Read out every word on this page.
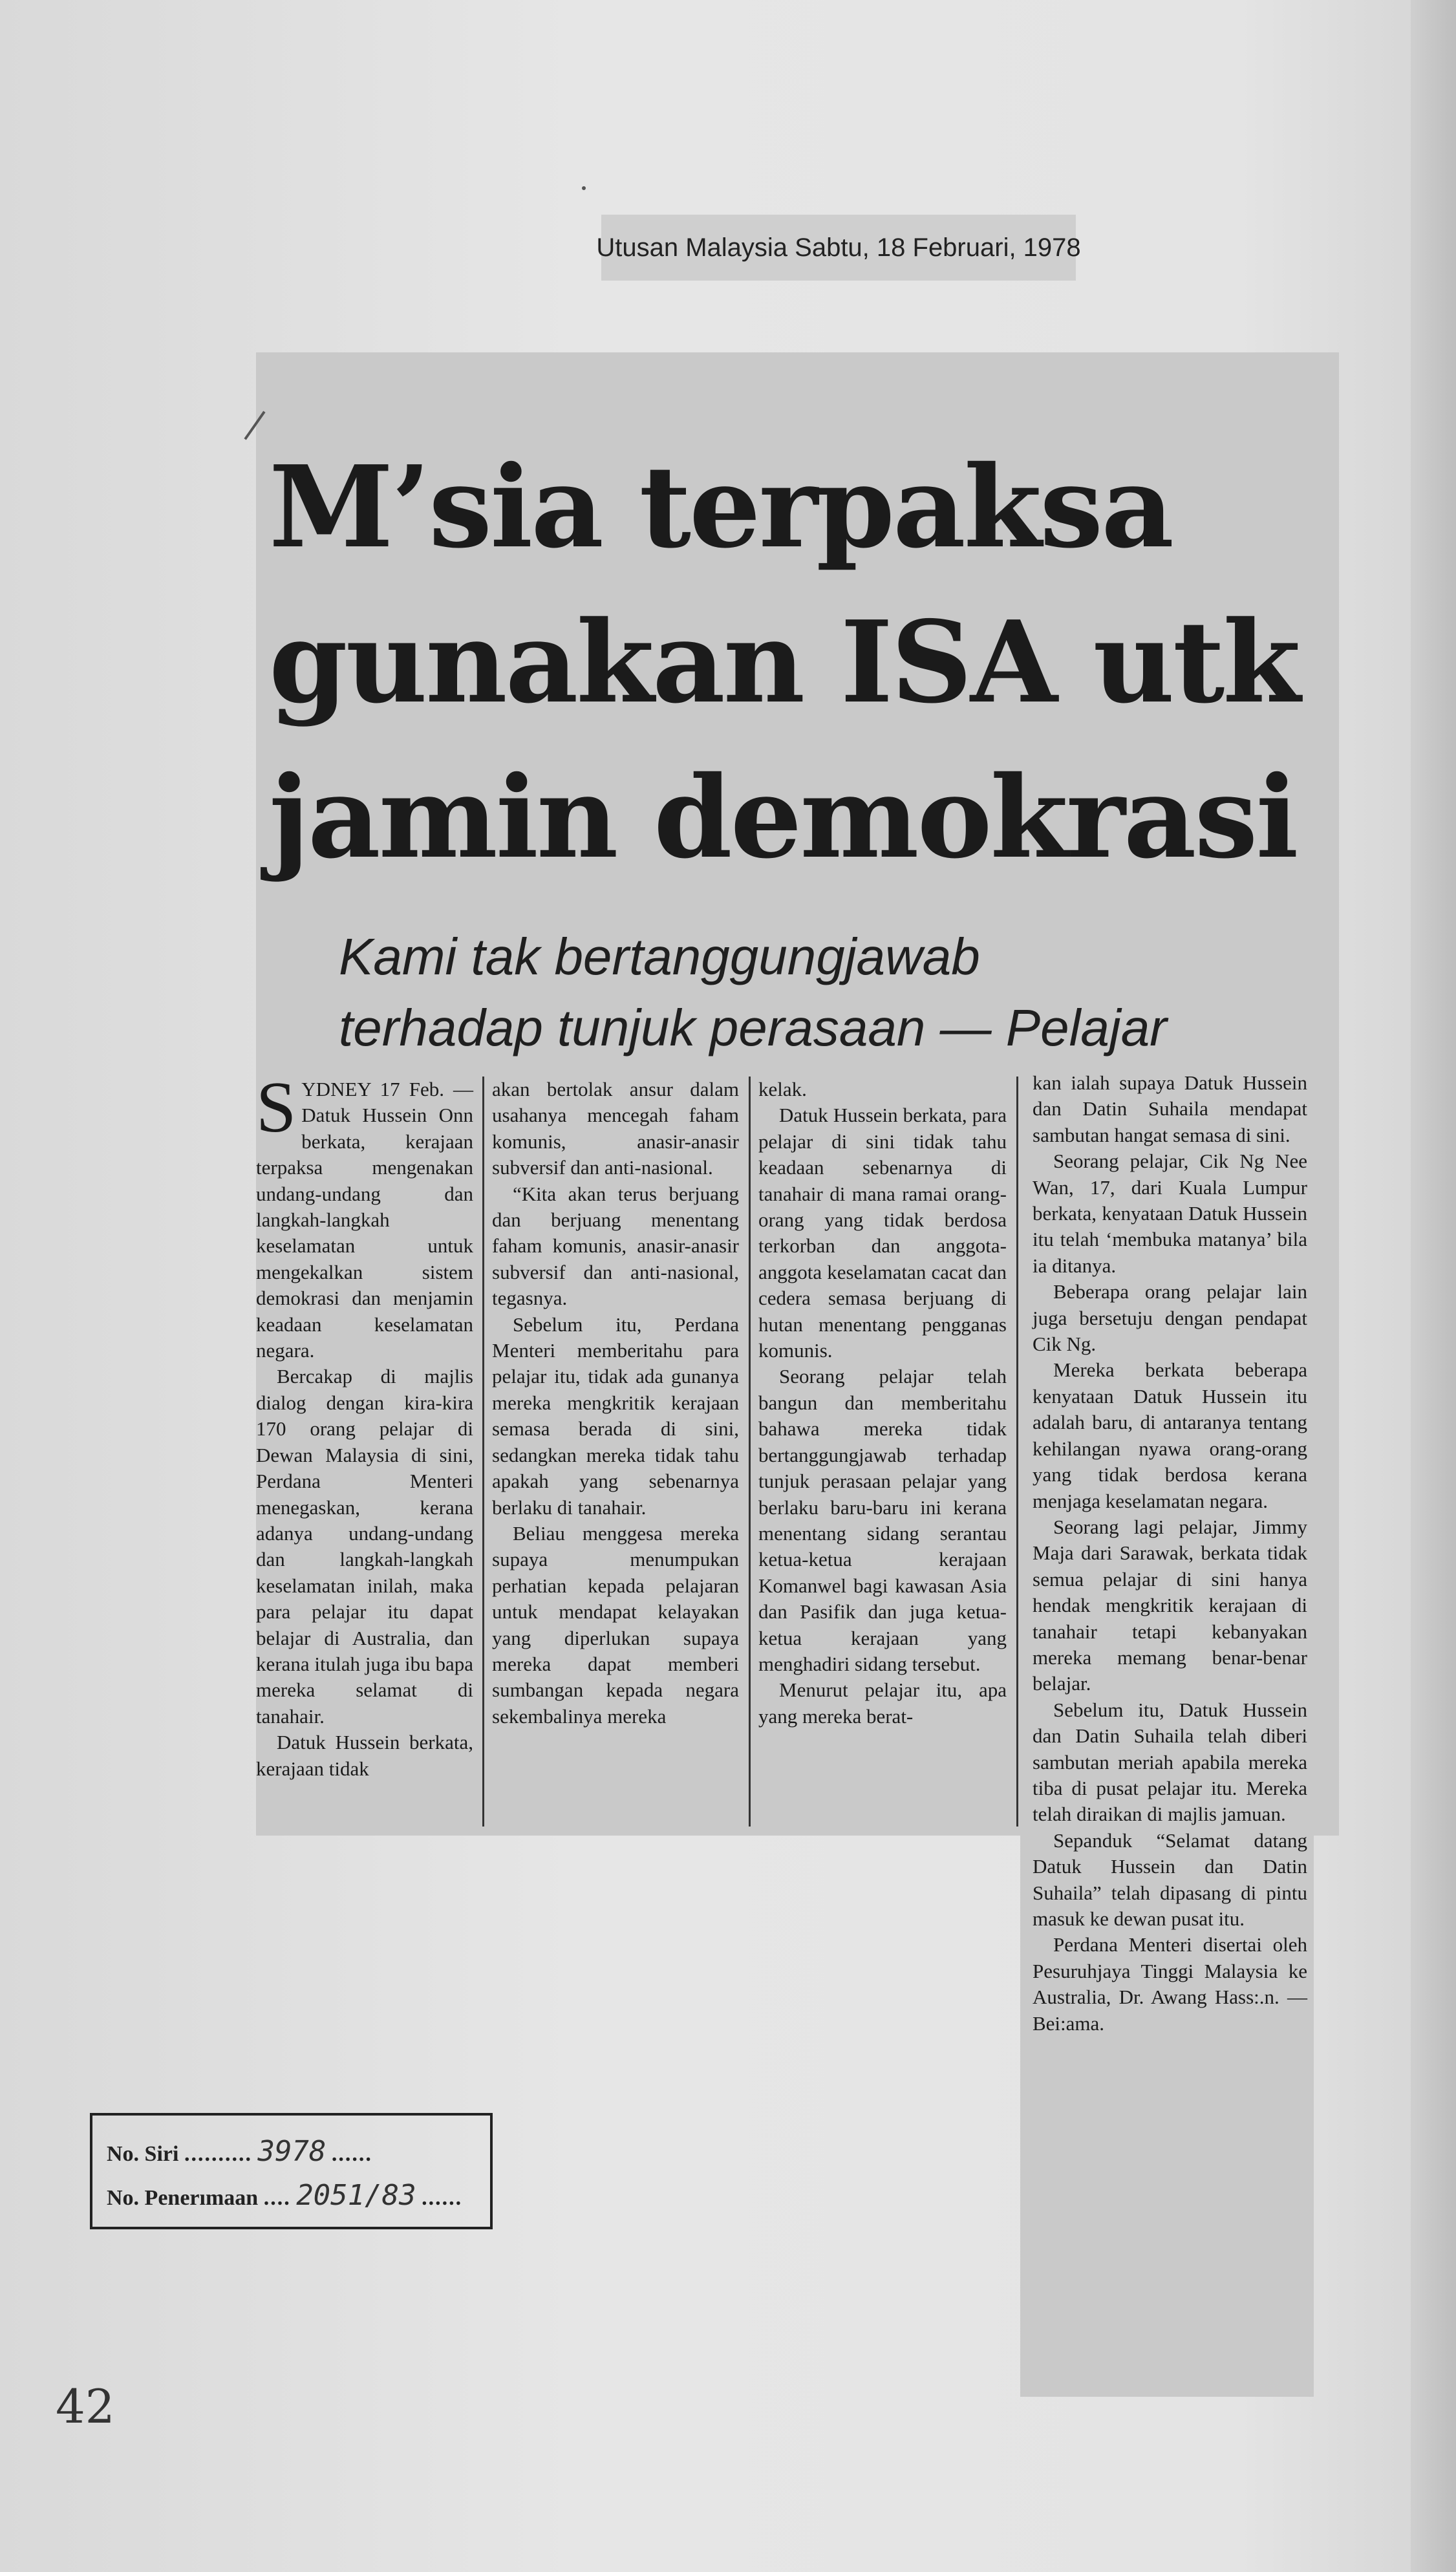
Utusan Malaysia Sabtu, 18 Februari, 1978
M’sia terpaksa
gunakan ISA utk
jamin demokrasi
Kami tak bertanggungjawab
terhadap tunjuk perasaan — Pelajar

SYDNEY 17 Feb. — Datuk Hussein Onn berkata, kerajaan terpaksa mengenakan undang-undang dan langkah-langkah keselamatan untuk mengekalkan sistem demokrasi dan menjamin keadaan keselamatan negara.

Bercakap di majlis dialog dengan kira-kira 170 orang pelajar di Dewan Malaysia di sini, Perdana Menteri menegaskan, kerana adanya undang-undang dan langkah-langkah keselamatan inilah, maka para pelajar itu dapat belajar di Australia, dan kerana itulah juga ibu bapa mereka selamat di tanahair.

Datuk Hussein berkata, kerajaan tidak

akan bertolak ansur dalam usahanya mencegah faham komunis, anasir-anasir subversif dan anti-nasional.

“Kita akan terus berjuang dan berjuang menentang faham komunis, anasir-anasir subversif dan anti-nasional, tegasnya.

Sebelum itu, Perdana Menteri memberitahu para pelajar itu, tidak ada gunanya mereka mengkritik kerajaan semasa berada di sini, sedangkan mereka tidak tahu apakah yang sebenarnya berlaku di tanahair.

Beliau menggesa mereka supaya menumpukan perhatian kepada pelajaran untuk mendapat kelayakan yang diperlukan supaya mereka dapat memberi sumbangan kepada negara sekembalinya mereka

kelak.

Datuk Hussein berkata, para pelajar di sini tidak tahu keadaan sebenarnya di tanahair di mana ramai orang-orang yang tidak berdosa terkorban dan anggota-anggota keselamatan cacat dan cedera semasa berjuang di hutan menentang pengganas komunis.

Seorang pelajar telah bangun dan memberitahu bahawa mereka tidak bertanggungjawab terhadap tunjuk perasaan pelajar yang berlaku baru-baru ini kerana menentang sidang serantau ketua-ketua kerajaan Komanwel bagi kawasan Asia dan Pasifik dan juga ketua-ketua kerajaan yang menghadiri sidang tersebut.

Menurut pelajar itu, apa yang mereka berat-

kan ialah supaya Datuk Hussein dan Datin Suhaila mendapat sambutan hangat semasa di sini.

Seorang pelajar, Cik Ng Nee Wan, 17, dari Kuala Lumpur berkata, kenyataan Datuk Hussein itu telah ‘membuka matanya’ bila ia ditanya.

Beberapa orang pelajar lain juga bersetuju dengan pendapat Cik Ng.

Mereka berkata beberapa kenyataan Datuk Hussein itu adalah baru, di antaranya tentang kehilangan nyawa orang-orang yang tidak berdosa kerana menjaga keselamatan negara.

Seorang lagi pelajar, Jimmy Maja dari Sarawak, berkata tidak semua pelajar di sini hanya hendak mengkritik kerajaan di tanahair tetapi kebanyakan mereka memang benar-benar belajar.

Sebelum itu, Datuk Hussein dan Datin Suhaila telah diberi sambutan meriah apabila mereka tiba di pusat pelajar itu. Mereka telah diraikan di majlis jamuan.

Sepanduk “Selamat datang Datuk Hussein dan Datin Suhaila” telah dipasang di pintu masuk ke dewan pusat itu.

Perdana Menteri disertai oleh Pesuruhjaya Tinggi Malaysia ke Australia, Dr. Awang Hass:.n. — Bei:ama.

No. Siri .......... 3978 ......
No. Penerımaan .... 2051/83 ......
42
